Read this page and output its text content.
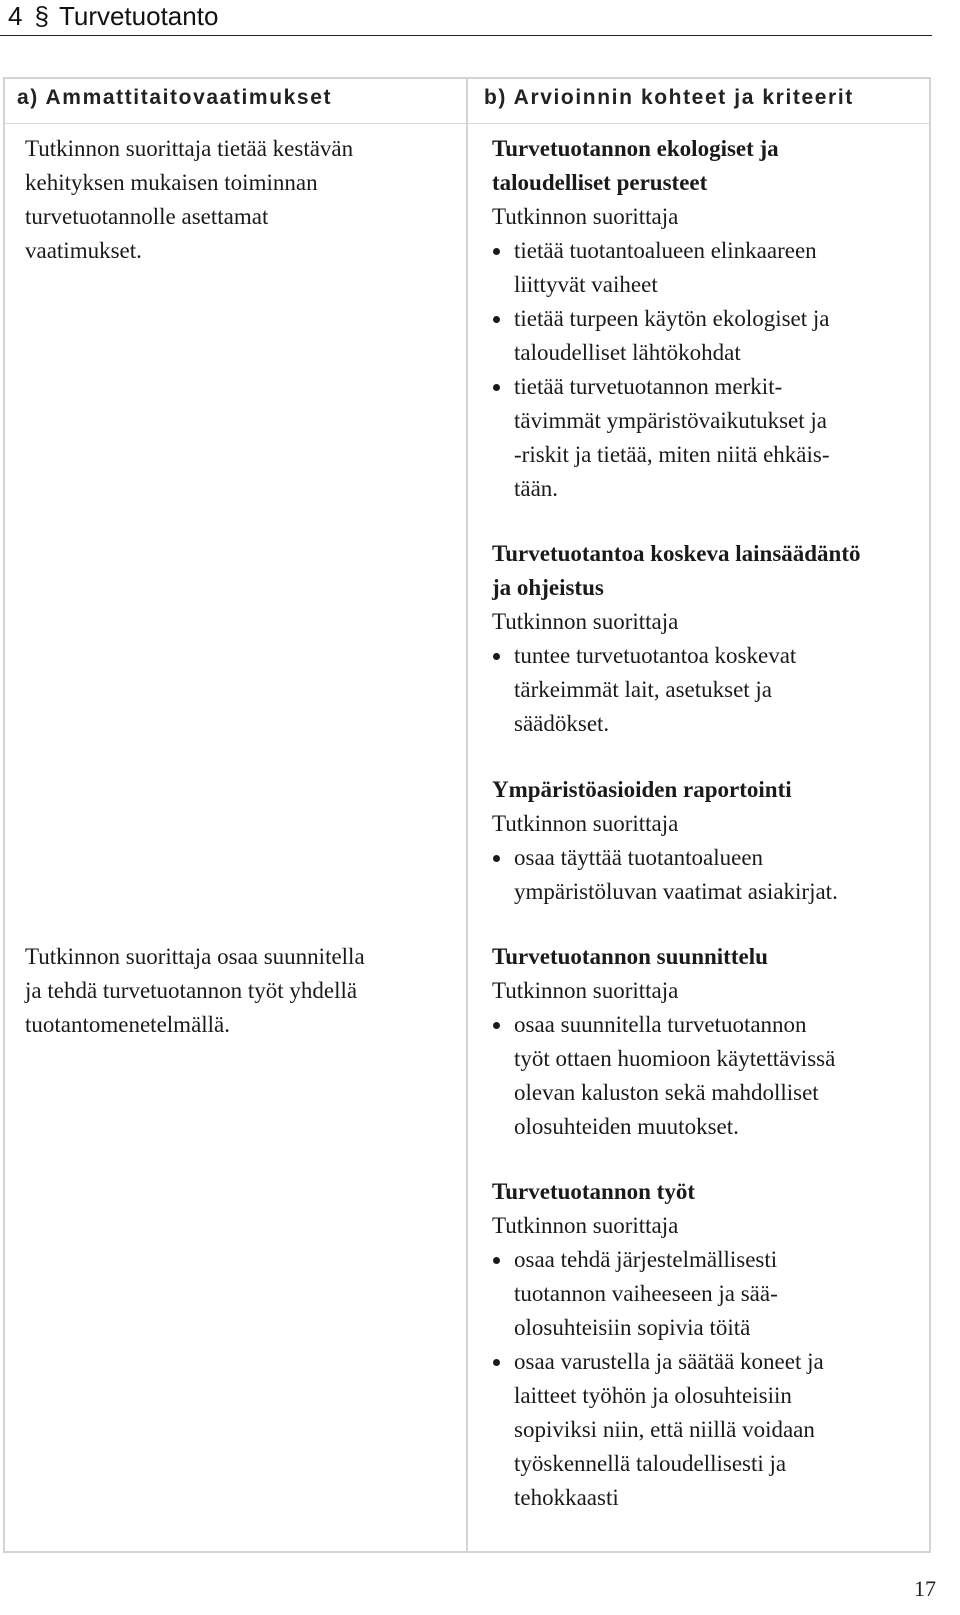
4 § Turvetuotanto
a) Ammattitaitovaatimukset	b) Arvioinnin kohteet ja kriteerit
Tutkinnon suorittaja tietää kestävän
kehityksen mukaisen toiminnan
turvetuotannolle asettamat
vaatimukset.
Tutkinnon suorittaja osaa suunnitella
ja tehdä turvetuotannon työt yhdellä
tuotantomenetelmällä.
Turvetuotannon ekologiset ja
taloudelliset perusteet
Tutkinnon suorittaja
tietää tuotantoalueen elinkaareen
liittyvät vaiheet
tietää turpeen käytön ekologiset ja
taloudelliset lähtökohdat
tietää turvetuotannon merkit-
tävimmät ympäristövaikutukset ja
-riskit ja tietää, miten niitä ehkäis-
tään.
Turvetuotantoa koskeva lainsäädäntö
ja ohjeistus
Tutkinnon suorittaja
tuntee turvetuotantoa koskevat
tärkeimmät lait, asetukset ja
säädökset.
Ympäristöasioiden raportointi
Tutkinnon suorittaja
osaa täyttää tuotantoalueen
ympäristöluvan vaatimat asiakirjat.
Turvetuotannon suunnittelu
Tutkinnon suorittaja
osaa suunnitella turvetuotannon
työt ottaen huomioon käytettävissä
olevan kaluston sekä mahdolliset
olosuhteiden muutokset.
Turvetuotannon työt
Tutkinnon suorittaja
osaa tehdä järjestelmällisesti
tuotannon vaiheeseen ja sää-
olosuhteisiin sopivia töitä
osaa varustella ja säätää koneet ja
laitteet työhön ja olosuhteisiin
sopiviksi niin, että niillä voidaan
työskennellä taloudellisesti ja
tehokkaasti
17
